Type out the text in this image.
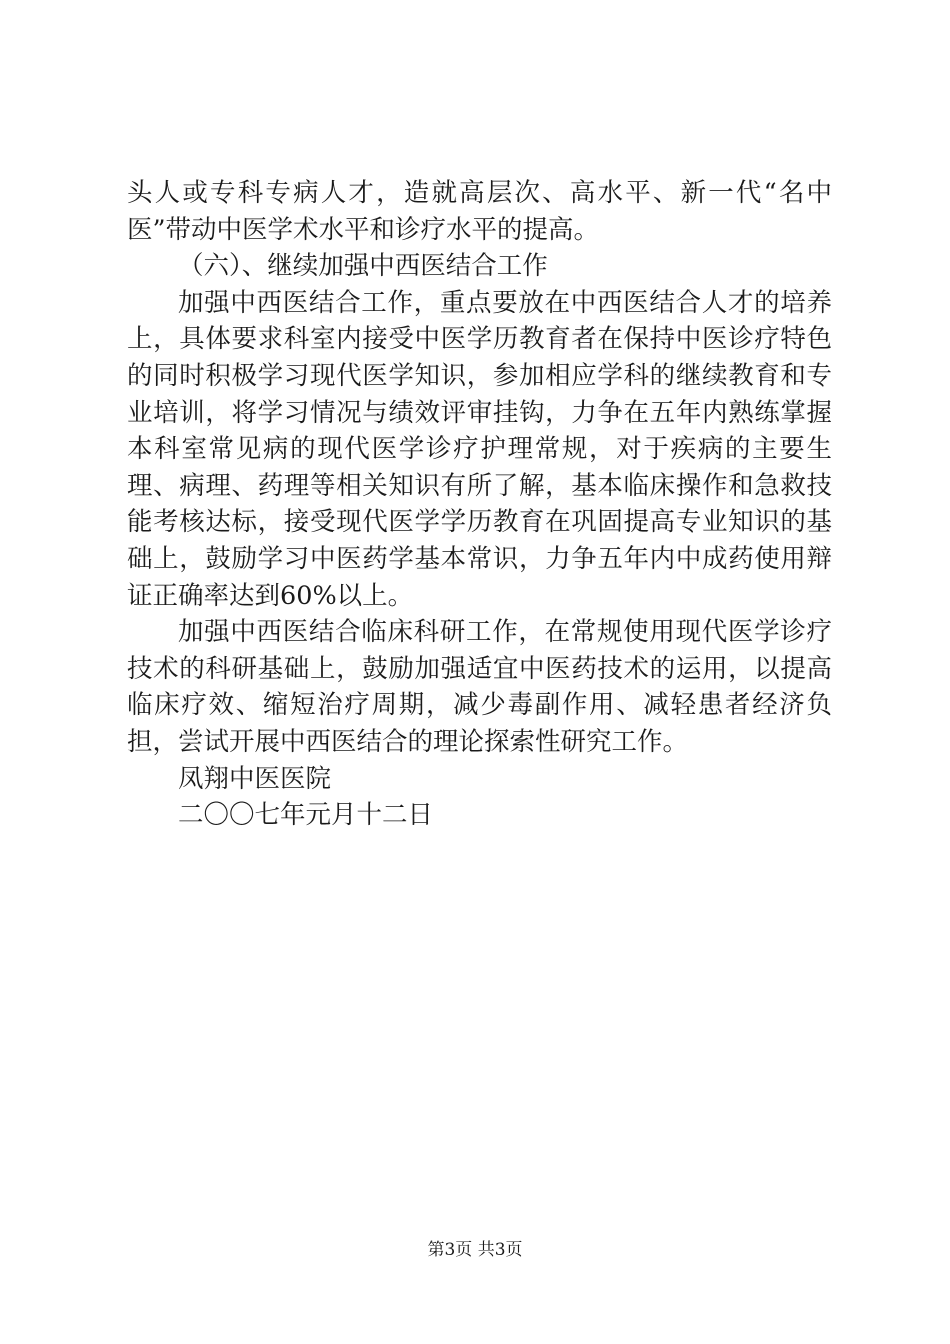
头人或专科专病人才，造就高层次、高水平、新一代“名中医”带动中医学术水平和诊疗水平的提高。

（六）、继续加强中西医结合工作

加强中西医结合工作，重点要放在中西医结合人才的培养上，具体要求科室内接受中医学历教育者在保持中医诊疗特色的同时积极学习现代医学知识，参加相应学科的继续教育和专业培训，将学习情况与绩效评审挂钩，力争在五年内熟练掌握本科室常见病的现代医学诊疗护理常规，对于疾病的主要生理、病理、药理等相关知识有所了解，基本临床操作和急救技能考核达标，接受现代医学学历教育在巩固提高专业知识的基础上，鼓励学习中医药学基本常识，力争五年内中成药使用辩证正确率达到60%以上。

加强中西医结合临床科研工作，在常规使用现代医学诊疗技术的科研基础上，鼓励加强适宜中医药技术的运用，以提高临床疗效、缩短治疗周期，减少毒副作用、减轻患者经济负担，尝试开展中西医结合的理论探索性研究工作。

凤翔中医医院

二〇〇七年元月十二日

第3页 共3页
